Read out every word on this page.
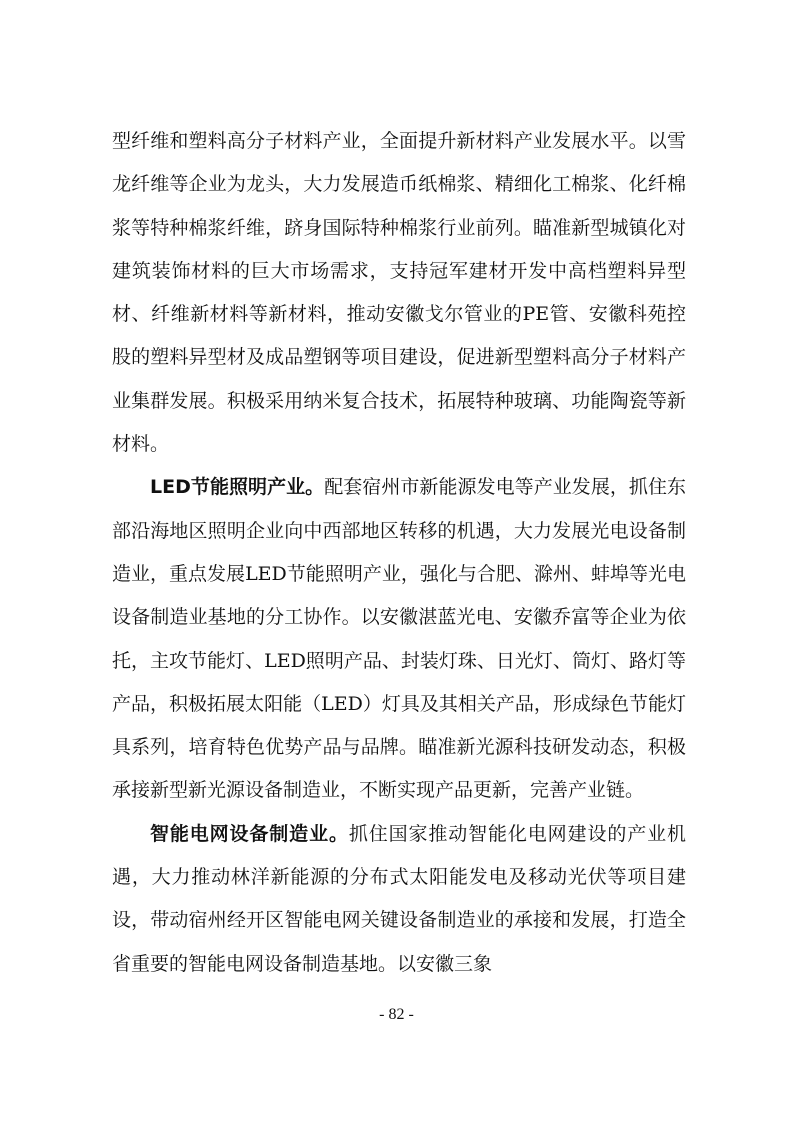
型纤维和塑料高分子材料产业，全面提升新材料产业发展水平。以雪龙纤维等企业为龙头，大力发展造币纸棉浆、精细化工棉浆、化纤棉浆等特种棉浆纤维，跻身国际特种棉浆行业前列。瞄准新型城镇化对建筑装饰材料的巨大市场需求，支持冠军建材开发中高档塑料异型材、纤维新材料等新材料，推动安徽戈尔管业的PE管、安徽科苑控股的塑料异型材及成品塑钢等项目建设，促进新型塑料高分子材料产业集群发展。积极采用纳米复合技术，拓展特种玻璃、功能陶瓷等新材料。

LED节能照明产业。配套宿州市新能源发电等产业发展，抓住东部沿海地区照明企业向中西部地区转移的机遇，大力发展光电设备制造业，重点发展LED节能照明产业，强化与合肥、滁州、蚌埠等光电设备制造业基地的分工协作。以安徽湛蓝光电、安徽乔富等企业为依托，主攻节能灯、LED照明产品、封装灯珠、日光灯、筒灯、路灯等产品，积极拓展太阳能（LED）灯具及其相关产品，形成绿色节能灯具系列，培育特色优势产品与品牌。瞄准新光源科技研发动态，积极承接新型新光源设备制造业，不断实现产品更新，完善产业链。

智能电网设备制造业。抓住国家推动智能化电网建设的产业机遇，大力推动林洋新能源的分布式太阳能发电及移动光伏等项目建设，带动宿州经开区智能电网关键设备制造业的承接和发展，打造全省重要的智能电网设备制造基地。以安徽三象

- 82 -
